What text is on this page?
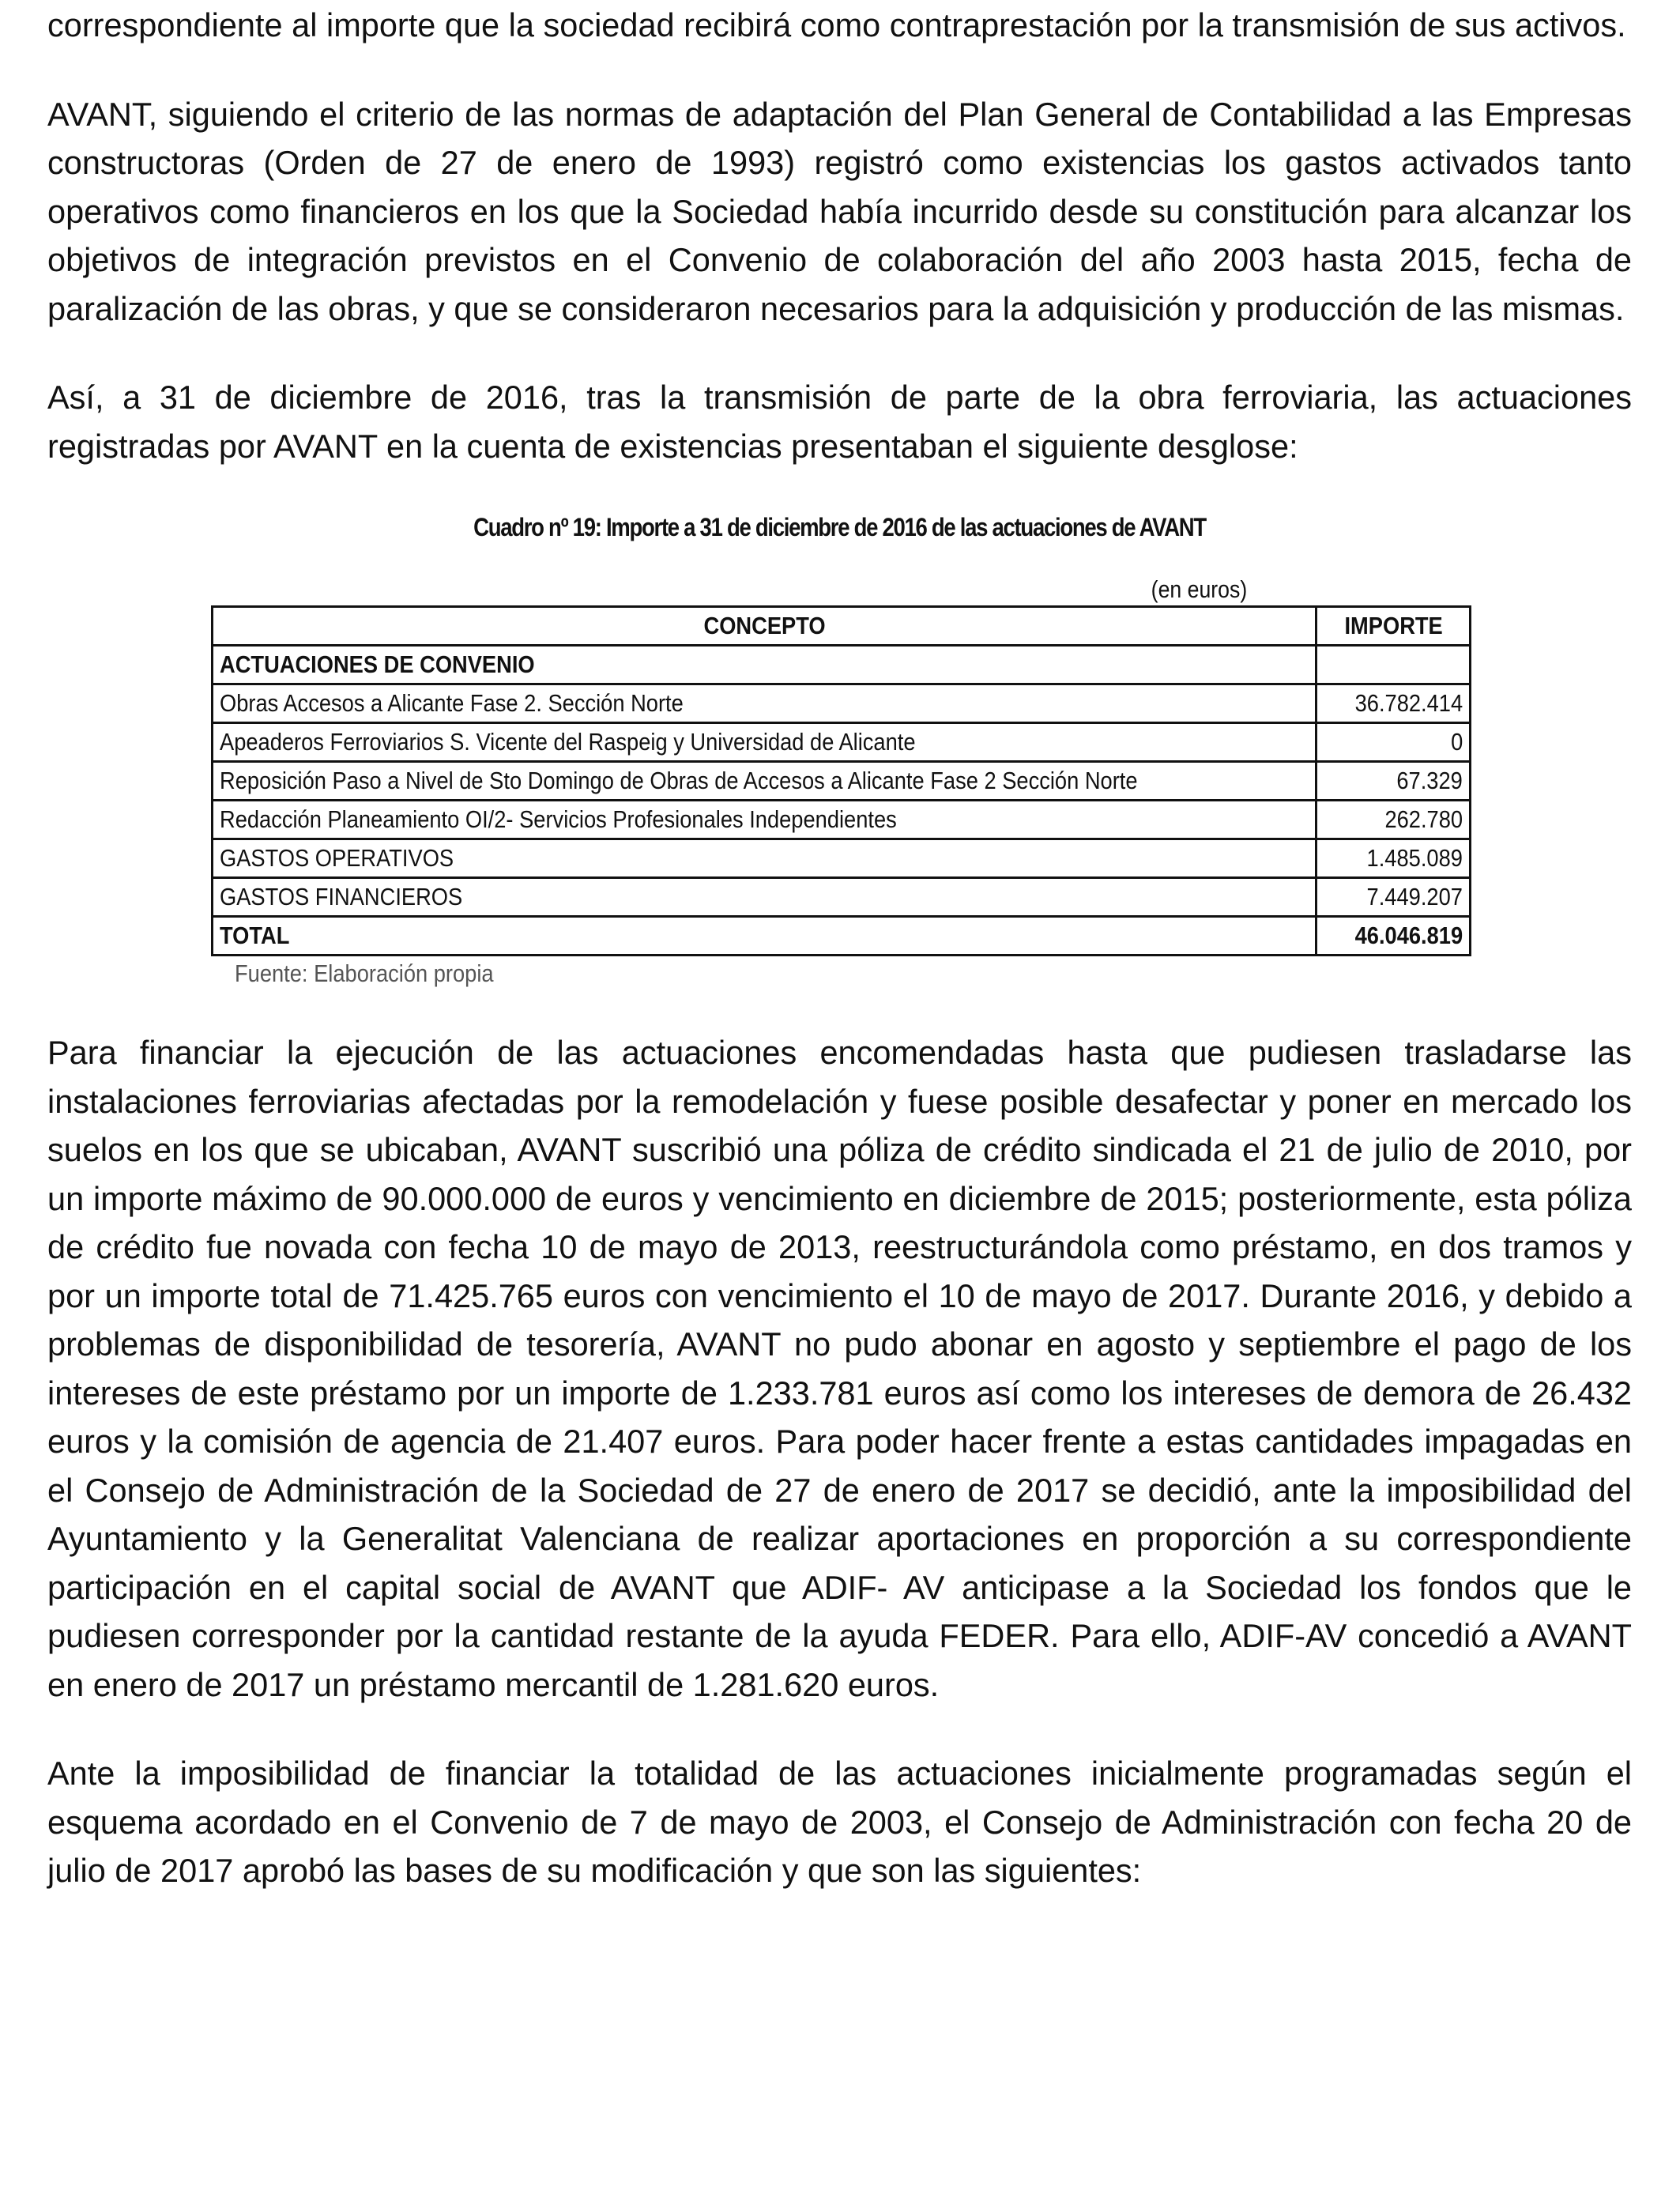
correspondiente al importe que la sociedad recibirá como contraprestación por la transmisión de sus activos.

AVANT, siguiendo el criterio de las normas de adaptación del Plan General de Contabilidad a las Empresas constructoras (Orden de 27 de enero de 1993) registró como existencias los gastos activados tanto operativos como financieros en los que la Sociedad había incurrido desde su constitución para alcanzar los objetivos de integración previstos en el Convenio de colaboración del año 2003 hasta 2015, fecha de paralización de las obras, y que se consideraron necesarios para la adquisición y producción de las mismas.

Así, a 31 de diciembre de 2016, tras la transmisión de parte de la obra ferroviaria, las actuaciones registradas por AVANT en la cuenta de existencias presentaban el siguiente desglose:

Cuadro nº 19: Importe a 31 de diciembre de 2016 de las actuaciones de AVANT
(en euros)
CONCEPTO	IMPORTE
ACTUACIONES DE CONVENIO	
Obras Accesos a Alicante Fase 2. Sección Norte	36.782.414
Apeaderos Ferroviarios S. Vicente del Raspeig y Universidad de Alicante	0
Reposición Paso a Nivel de Sto Domingo de Obras de Accesos a Alicante Fase 2 Sección Norte	67.329
Redacción Planeamiento OI/2- Servicios Profesionales Independientes	262.780
GASTOS OPERATIVOS	1.485.089
GASTOS FINANCIEROS	7.449.207
TOTAL	46.046.819
Fuente: Elaboración propia

Para financiar la ejecución de las actuaciones encomendadas hasta que pudiesen trasladarse las instalaciones ferroviarias afectadas por la remodelación y fuese posible desafectar y poner en mercado los suelos en los que se ubicaban, AVANT suscribió una póliza de crédito sindicada el 21 de julio de 2010, por un importe máximo de 90.000.000 de euros y vencimiento en diciembre de 2015; posteriormente, esta póliza de crédito fue novada con fecha 10 de mayo de 2013, reestructurándola como préstamo, en dos tramos y por un importe total de 71.425.765 euros con vencimiento el 10 de mayo de 2017. Durante 2016, y debido a problemas de disponibilidad de tesorería, AVANT no pudo abonar en agosto y septiembre el pago de los intereses de este préstamo por un importe de 1.233.781 euros así como los intereses de demora de 26.432 euros y la comisión de agencia de 21.407 euros. Para poder hacer frente a estas cantidades impagadas en el Consejo de Administración de la Sociedad de 27 de enero de 2017 se decidió, ante la imposibilidad del Ayuntamiento y la Generalitat Valenciana de realizar aportaciones en proporción a su correspondiente participación en el capital social de AVANT que ADIF- AV anticipase a la Sociedad los fondos que le pudiesen corresponder por la cantidad restante de la ayuda FEDER. Para ello, ADIF-AV concedió a AVANT en enero de 2017 un préstamo mercantil de 1.281.620 euros.

Ante la imposibilidad de financiar la totalidad de las actuaciones inicialmente programadas según el esquema acordado en el Convenio de 7 de mayo de 2003, el Consejo de Administración con fecha 20 de julio de 2017 aprobó las bases de su modificación y que son las siguientes:
